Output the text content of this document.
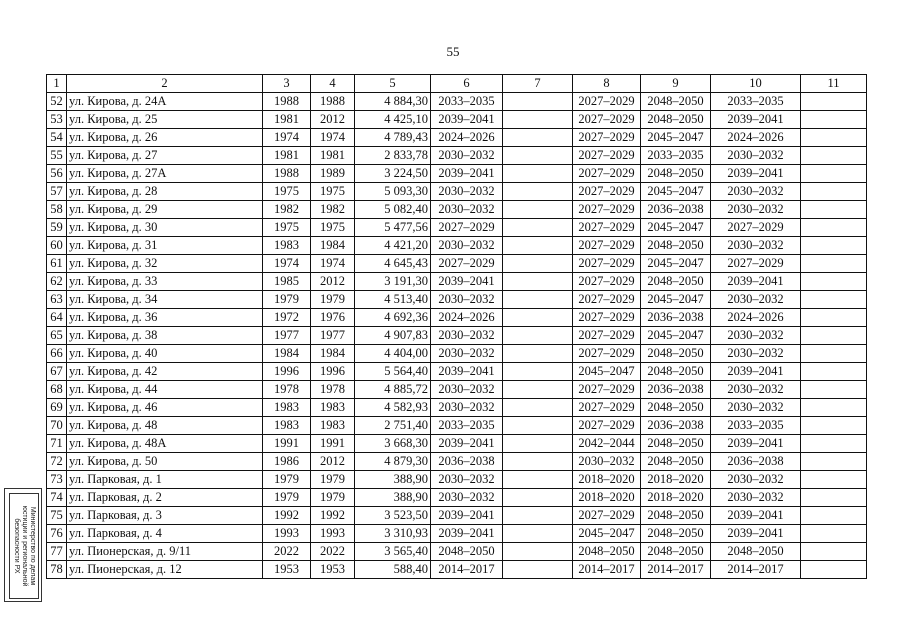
55
Министерство по делам
юстиции и региональной
безопасности РХ
1	2	3	4	5	6	7	8	9	10	11
52	ул. Кирова, д. 24А	1988	1988	4 884,30	2033–2035		2027–2029	2048–2050	2033–2035	
53	ул. Кирова, д. 25	1981	2012	4 425,10	2039–2041		2027–2029	2048–2050	2039–2041	
54	ул. Кирова, д. 26	1974	1974	4 789,43	2024–2026		2027–2029	2045–2047	2024–2026	
55	ул. Кирова, д. 27	1981	1981	2 833,78	2030–2032		2027–2029	2033–2035	2030–2032	
56	ул. Кирова, д. 27А	1988	1989	3 224,50	2039–2041		2027–2029	2048–2050	2039–2041	
57	ул. Кирова, д. 28	1975	1975	5 093,30	2030–2032		2027–2029	2045–2047	2030–2032	
58	ул. Кирова, д. 29	1982	1982	5 082,40	2030–2032		2027–2029	2036–2038	2030–2032	
59	ул. Кирова, д. 30	1975	1975	5 477,56	2027–2029		2027–2029	2045–2047	2027–2029	
60	ул. Кирова, д. 31	1983	1984	4 421,20	2030–2032		2027–2029	2048–2050	2030–2032	
61	ул. Кирова, д. 32	1974	1974	4 645,43	2027–2029		2027–2029	2045–2047	2027–2029	
62	ул. Кирова, д. 33	1985	2012	3 191,30	2039–2041		2027–2029	2048–2050	2039–2041	
63	ул. Кирова, д. 34	1979	1979	4 513,40	2030–2032		2027–2029	2045–2047	2030–2032	
64	ул. Кирова, д. 36	1972	1976	4 692,36	2024–2026		2027–2029	2036–2038	2024–2026	
65	ул. Кирова, д. 38	1977	1977	4 907,83	2030–2032		2027–2029	2045–2047	2030–2032	
66	ул. Кирова, д. 40	1984	1984	4 404,00	2030–2032		2027–2029	2048–2050	2030–2032	
67	ул. Кирова, д. 42	1996	1996	5 564,40	2039–2041		2045–2047	2048–2050	2039–2041	
68	ул. Кирова, д. 44	1978	1978	4 885,72	2030–2032		2027–2029	2036–2038	2030–2032	
69	ул. Кирова, д. 46	1983	1983	4 582,93	2030–2032		2027–2029	2048–2050	2030–2032	
70	ул. Кирова, д. 48	1983	1983	2 751,40	2033–2035		2027–2029	2036–2038	2033–2035	
71	ул. Кирова, д. 48А	1991	1991	3 668,30	2039–2041		2042–2044	2048–2050	2039–2041	
72	ул. Кирова, д. 50	1986	2012	4 879,30	2036–2038		2030–2032	2048–2050	2036–2038	
73	ул. Парковая, д. 1	1979	1979	388,90	2030–2032		2018–2020	2018–2020	2030–2032	
74	ул. Парковая, д. 2	1979	1979	388,90	2030–2032		2018–2020	2018–2020	2030–2032	
75	ул. Парковая, д. 3	1992	1992	3 523,50	2039–2041		2027–2029	2048–2050	2039–2041	
76	ул. Парковая, д. 4	1993	1993	3 310,93	2039–2041		2045–2047	2048–2050	2039–2041	
77	ул. Пионерская, д. 9/11	2022	2022	3 565,40	2048–2050		2048–2050	2048–2050	2048–2050	
78	ул. Пионерская, д. 12	1953	1953	588,40	2014–2017		2014–2017	2014–2017	2014–2017	
